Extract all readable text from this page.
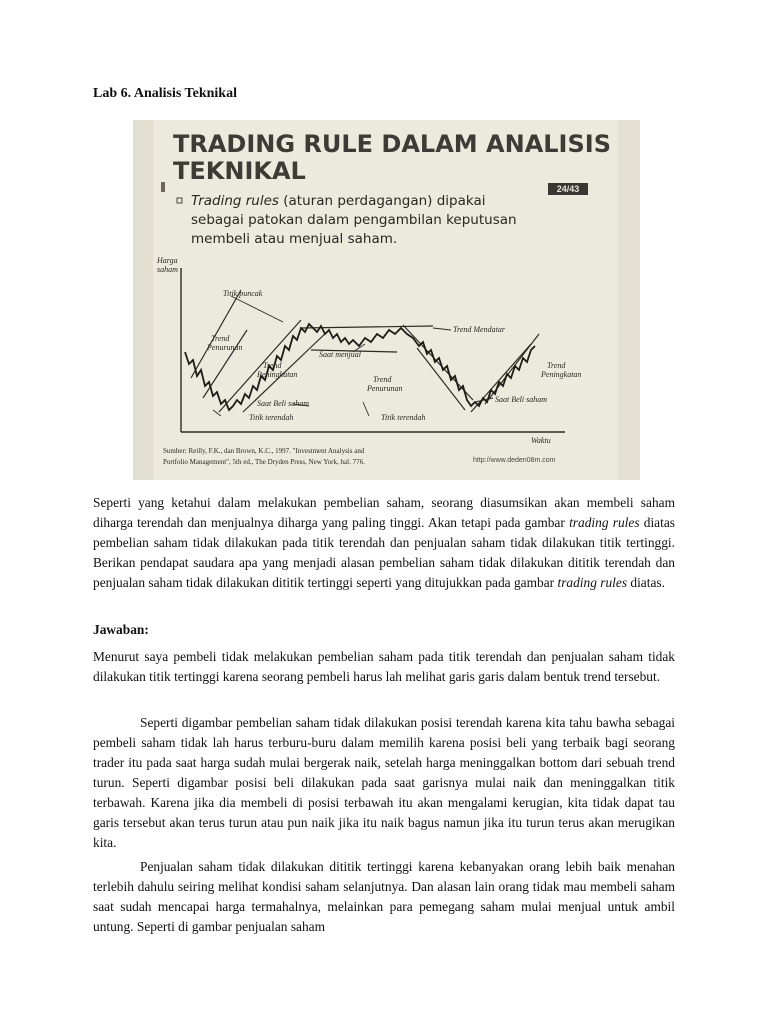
Lab 6. Analisis Teknikal
24/43
TRADING RULE DALAM ANALISIS
TEKNIKAL
Trading rules (aturan perdagangan) dipakai
sebagai patokan dalam pengambilan keputusan
membeli atau menjual saham.
Harga
saham
Waktu
Titik puncak
Trend Mendatar
Trend
Penurunan
Saat menjual
Trend
Peningkatan
Trend
Penurunan
Trend
Peningkatan
Saat Beli saham
Titik terendah	Titik terendah
Saat Beli saham
Sumber: Reilly, F.K., dan Brown, K.C., 1997. "Investment Analysis and
Portfolio Management", 5th ed., The Dryden Press, New York, hal. 776.	http://www.deden08m.com

Seperti yang ketahui dalam melakukan pembelian saham, seorang diasumsikan akan membeli saham diharga terendah dan menjualnya diharga yang paling tinggi. Akan tetapi pada gambar trading rules diatas pembelian saham tidak dilakukan pada titik terendah dan penjualan saham tidak dilakukan titik tertinggi. Berikan pendapat saudara apa yang menjadi alasan pembelian saham tidak dilakukan dititik terendah dan penjualan saham tidak dilakukan dititik tertinggi seperti yang ditujukkan pada gambar trading rules diatas.

Jawaban:

Menurut saya pembeli tidak melakukan pembelian saham pada titik terendah dan penjualan saham tidak dilakukan titik tertinggi karena seorang pembeli harus lah melihat garis garis dalam bentuk trend tersebut.

Seperti digambar pembelian saham tidak dilakukan posisi terendah karena kita tahu bawha sebagai pembeli saham tidak lah harus terburu-buru dalam memilih karena posisi beli yang terbaik bagi seorang trader itu pada saat harga sudah mulai bergerak naik, setelah harga meninggalkan bottom dari sebuah trend turun. Seperti digambar posisi beli dilakukan pada saat garisnya mulai naik dan meninggalkan titik terbawah. Karena jika dia membeli di posisi terbawah itu akan mengalami kerugian, kita tidak dapat tau garis tersebut akan terus turun atau pun naik jika itu naik bagus namun jika itu turun terus akan merugikan kita.

Penjualan saham tidak dilakukan dititik tertinggi karena kebanyakan orang lebih baik menahan terlebih dahulu seiring melihat kondisi saham selanjutnya. Dan alasan lain orang tidak mau membeli saham saat sudah mencapai harga termahalnya, melainkan para pemegang saham mulai menjual untuk ambil untung. Seperti di gambar penjualan saham
